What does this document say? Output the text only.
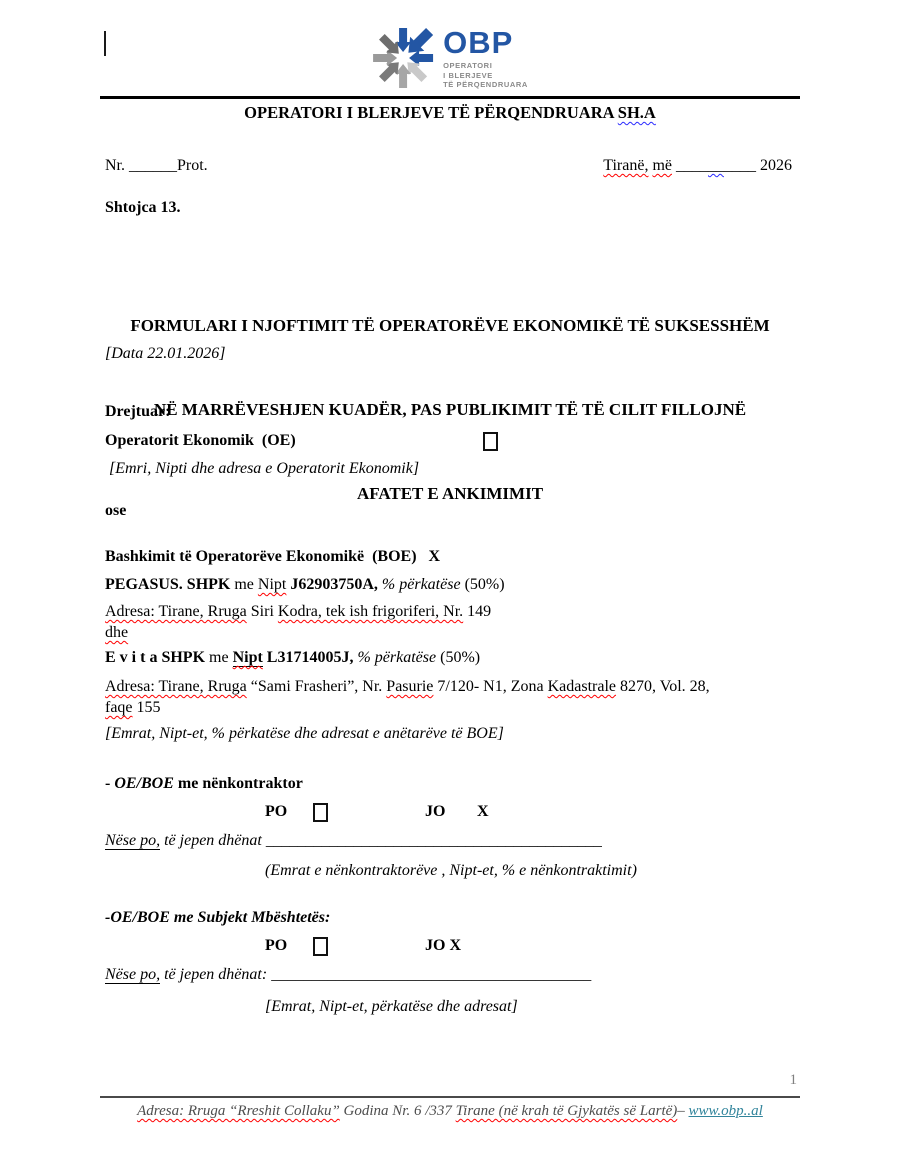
OBP
OPERATORI
I BLERJEVE
TË PËRQENDRUARA
OPERATORI I BLERJEVE TË PËRQENDRUARA SH.A
Nr. ______Prot.	Tiranë, më __________ 2026
Shtojca 13.

FORMULARI I NJOFTIMIT TË OPERATORËVE EKONOMIKË TË SUKSESSHËM

NË MARRËVESHJEN KUADËR, PAS PUBLIKIMIT TË TË CILIT FILLOJNË

AFATET E ANKIMIMIT

[Data 22.01.2026]
Drejtuar:
Operatorit Ekonomik  (OE)
[Emri, Nipti dhe adresa e Operatorit Ekonomik]
ose
Bashkimit të Operatorëve Ekonomikë  (BOE)   X
PEGASUS. SHPK me Nipt J62903750A, % përkatëse (50%)
Adresa: Tirane, Rruga Siri Kodra, tek ish frigoriferi, Nr. 149
dhe
E v i t a SHPK me Nipt L31714005J, % përkatëse (50%)
Adresa: Tirane, Rruga “Sami Frasheri”, Nr. Pasurie 7/120- N1, Zona Kadastrale 8270, Vol. 28,
faqe 155
[Emrat, Nipt-et, % përkatëse dhe adresat e anëtarëve të BOE]
- OE/BOE me nënkontraktor
PO	JO X
Nëse po, të jepen dhënat __________________________________________
(Emrat e nënkontraktorëve , Nipt-et, % e nënkontraktimit)
-OE/BOE me Subjekt Mbështetës:
PO	JO X
Nëse po, të jepen dhënat: ________________________________________
[Emrat, Nipt-et, përkatëse dhe adresat]
1
Adresa: Rruga “Rreshit Collaku” Godina Nr. 6 /337 Tirane (në krah të Gjykatës së Lartë)– www.obp..al
